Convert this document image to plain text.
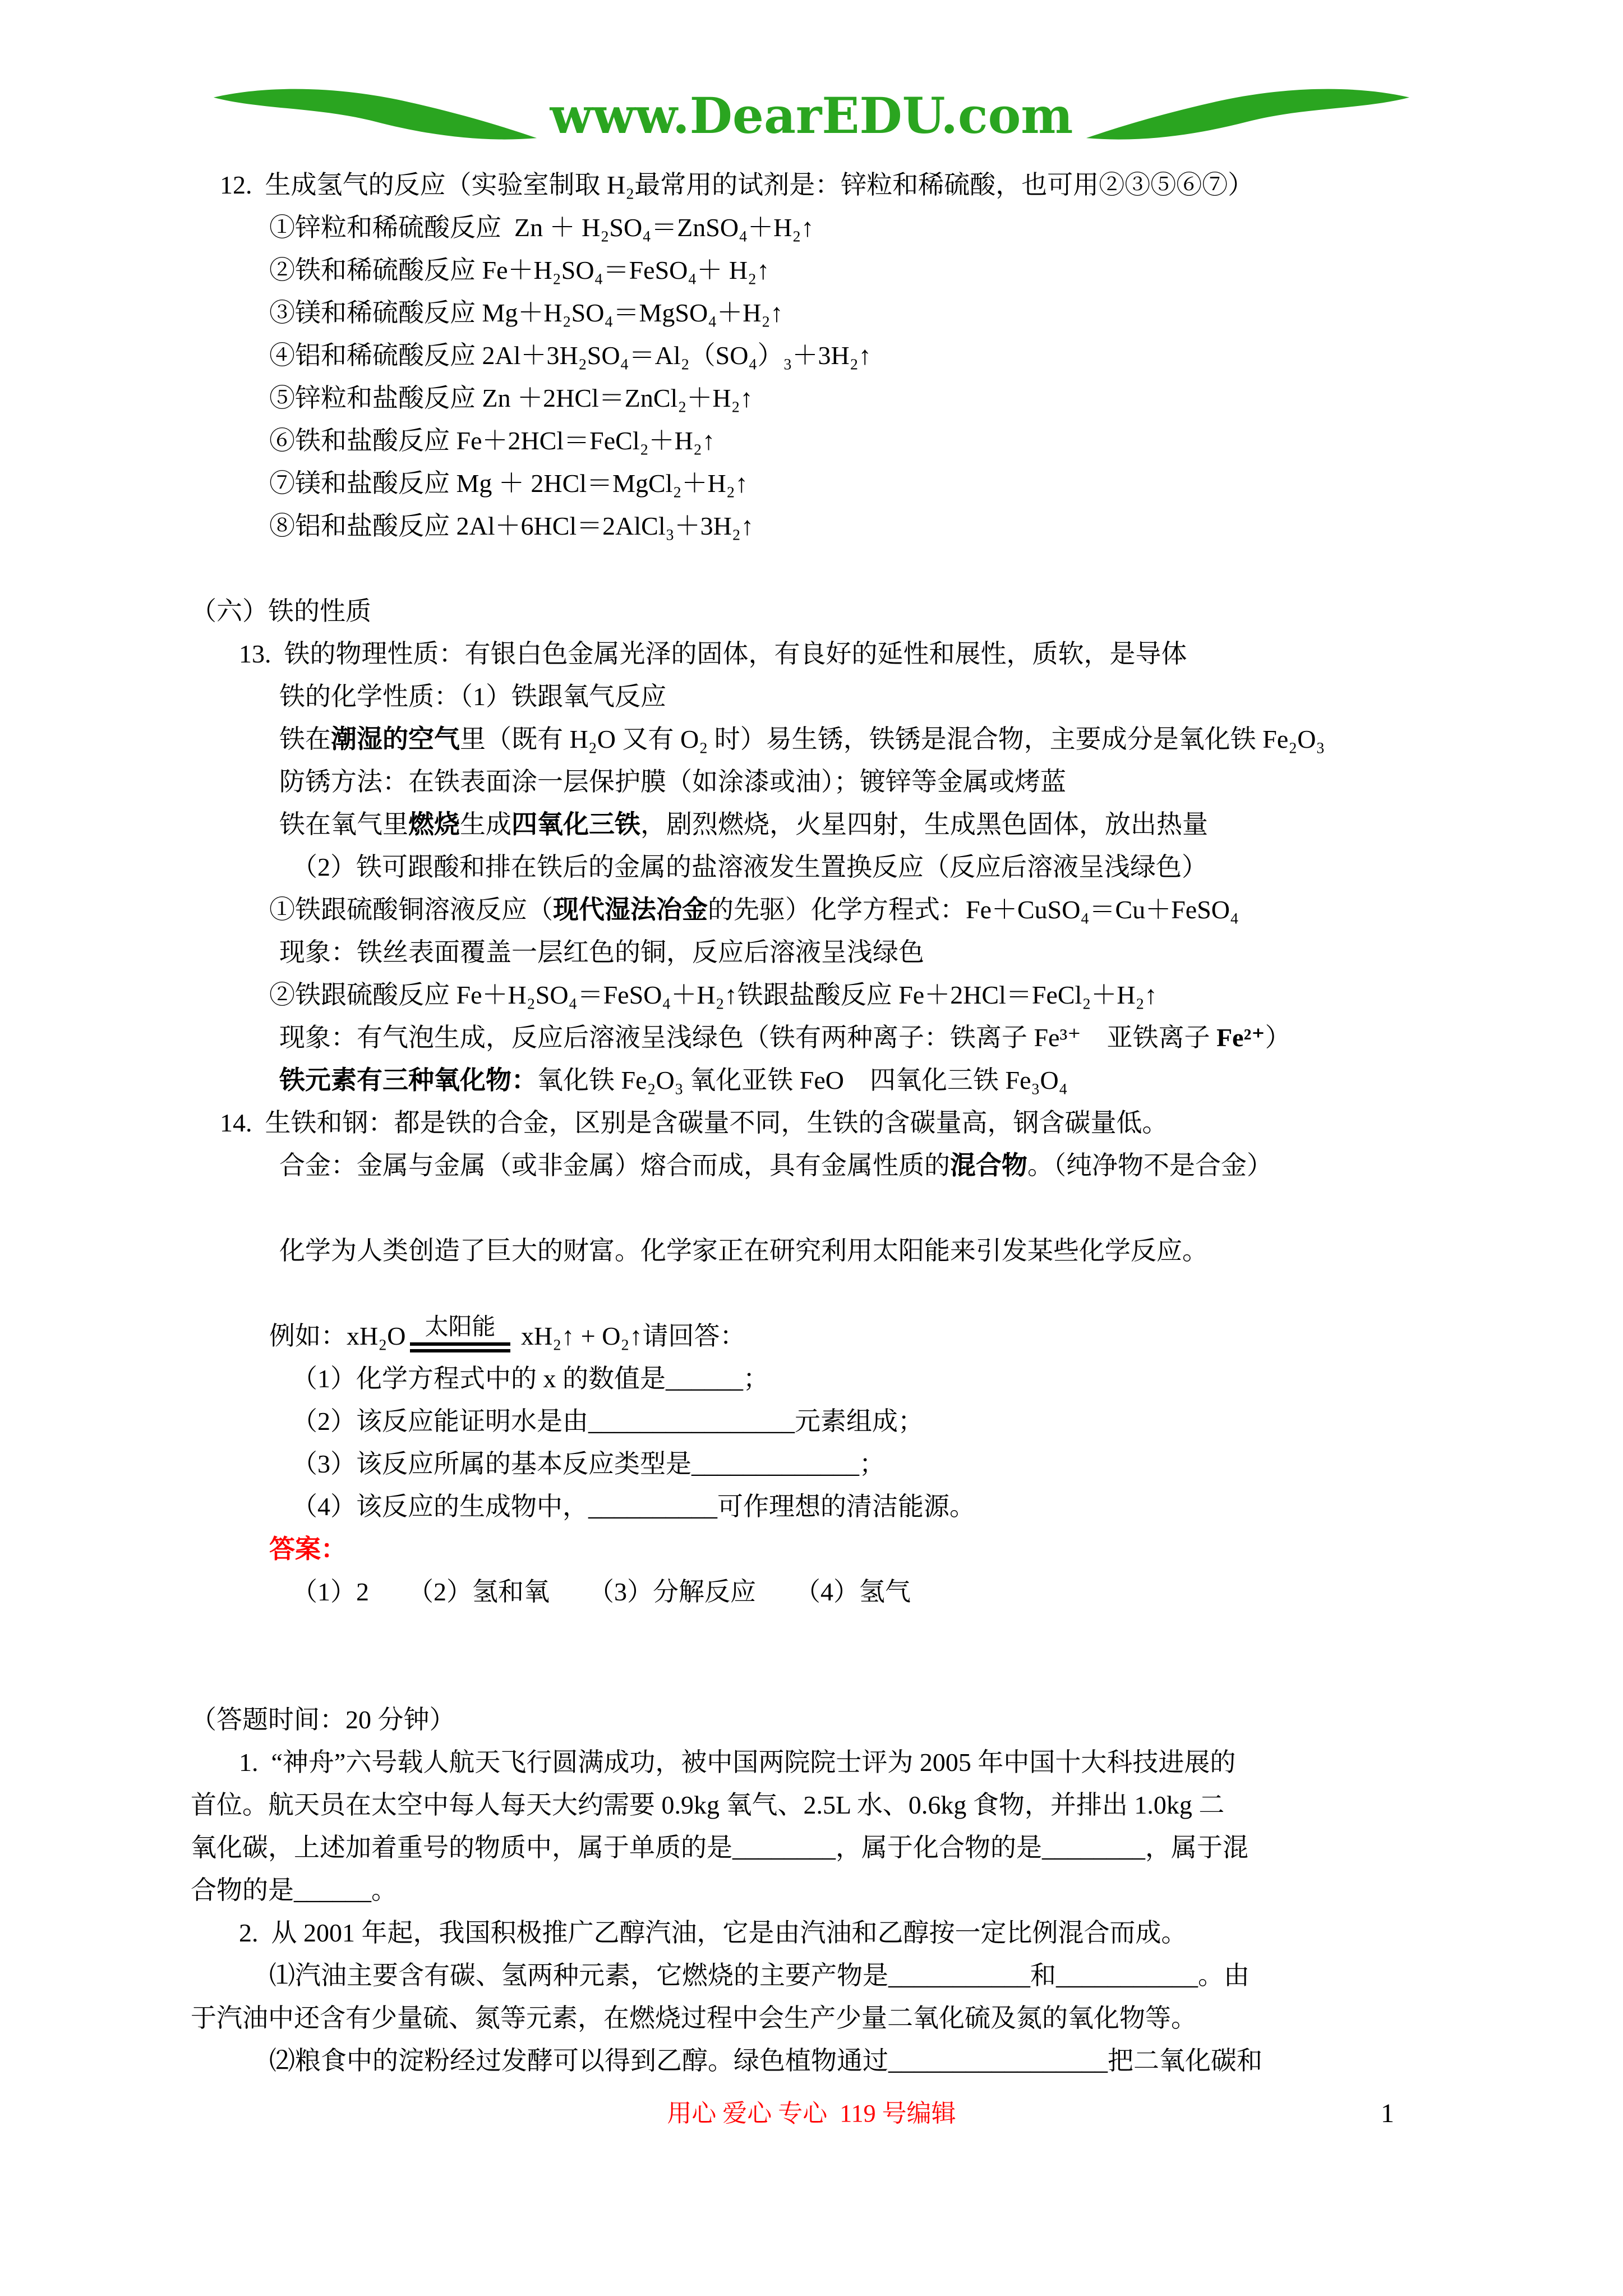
www.DearEDU.com
12.  生成氢气的反应（实验室制取 H₂最常用的试剂是：锌粒和稀硫酸，也可用②③⑤⑥⑦）
①锌粒和稀硫酸反应  Zn ＋ H₂SO₄＝ZnSO₄＋H₂↑
②铁和稀硫酸反应 Fe＋H₂SO₄＝FeSO₄＋ H₂↑
③镁和稀硫酸反应 Mg＋H₂SO₄＝MgSO₄＋H₂↑
④铝和稀硫酸反应 2Al＋3H₂SO₄＝Al₂（SO₄）₃＋3H₂↑
⑤锌粒和盐酸反应 Zn ＋2HCl＝ZnCl₂＋H₂↑
⑥铁和盐酸反应 Fe＋2HCl＝FeCl₂＋H₂↑
⑦镁和盐酸反应 Mg ＋ 2HCl＝MgCl₂＋H₂↑
⑧铝和盐酸反应 2Al＋6HCl＝2AlCl₃＋3H₂↑

（六）铁的性质
13.  铁的物理性质：有银白色金属光泽的固体，有良好的延性和展性，质软，是导体
铁的化学性质：（1）铁跟氧气反应
铁在潮湿的空气里（既有 H₂O 又有 O₂ 时）易生锈，铁锈是混合物，主要成分是氧化铁 Fe₂O₃
防锈方法：在铁表面涂一层保护膜（如涂漆或油）；镀锌等金属或烤蓝
铁在氧气里燃烧生成四氧化三铁，剧烈燃烧，火星四射，生成黑色固体，放出热量
（2）铁可跟酸和排在铁后的金属的盐溶液发生置换反应（反应后溶液呈浅绿色）
①铁跟硫酸铜溶液反应（现代湿法冶金的先驱）化学方程式：Fe＋CuSO₄＝Cu＋FeSO₄
现象：铁丝表面覆盖一层红色的铜，反应后溶液呈浅绿色
②铁跟硫酸反应 Fe＋H₂SO₄＝FeSO₄＋H₂↑铁跟盐酸反应 Fe＋2HCl＝FeCl₂＋H₂↑
现象：有气泡生成，反应后溶液呈浅绿色（铁有两种离子：铁离子 Fe³⁺　亚铁离子 Fe²⁺）
铁元素有三种氧化物：氧化铁 Fe₂O₃ 氧化亚铁 FeO　四氧化三铁 Fe₃O₄
14.  生铁和钢：都是铁的合金，区别是含碳量不同，生铁的含碳量高，钢含碳量低。
合金：金属与金属（或非金属）熔合而成，具有金属性质的混合物。（纯净物不是合金）

化学为人类创造了巨大的财富。化学家正在研究利用太阳能来引发某些化学反应。

例如：xH₂O 太阳能 xH₂↑ + O₂↑请回答：
（1）化学方程式中的 x 的数值是______；
（2）该反应能证明水是由________________元素组成；
（3）该反应所属的基本反应类型是_____________；
（4）该反应的生成物中，__________可作理想的清洁能源。
答案：
（1）2　　（2）氢和氧　　（3）分解反应　　（4）氢气

（答题时间：20 分钟）
1.  “神舟”六号载人航天飞行圆满成功，被中国两院院士评为 2005 年中国十大科技进展的
首位。航天员在太空中每人每天大约需要 0.9kg 氧气、2.5L 水、0.6kg 食物，并排出 1.0kg 二
氧化碳，上述加着重号的物质中，属于单质的是________，属于化合物的是________，属于混
合物的是______。
2.  从 2001 年起，我国积极推广乙醇汽油，它是由汽油和乙醇按一定比例混合而成。
⑴汽油主要含有碳、氢两种元素，它燃烧的主要产物是___________和___________。由
于汽油中还含有少量硫、氮等元素，在燃烧过程中会生产少量二氧化硫及氮的氧化物等。
⑵粮食中的淀粉经过发酵可以得到乙醇。绿色植物通过_________________把二氧化碳和
用心 爱心 专心  119 号编辑	1
